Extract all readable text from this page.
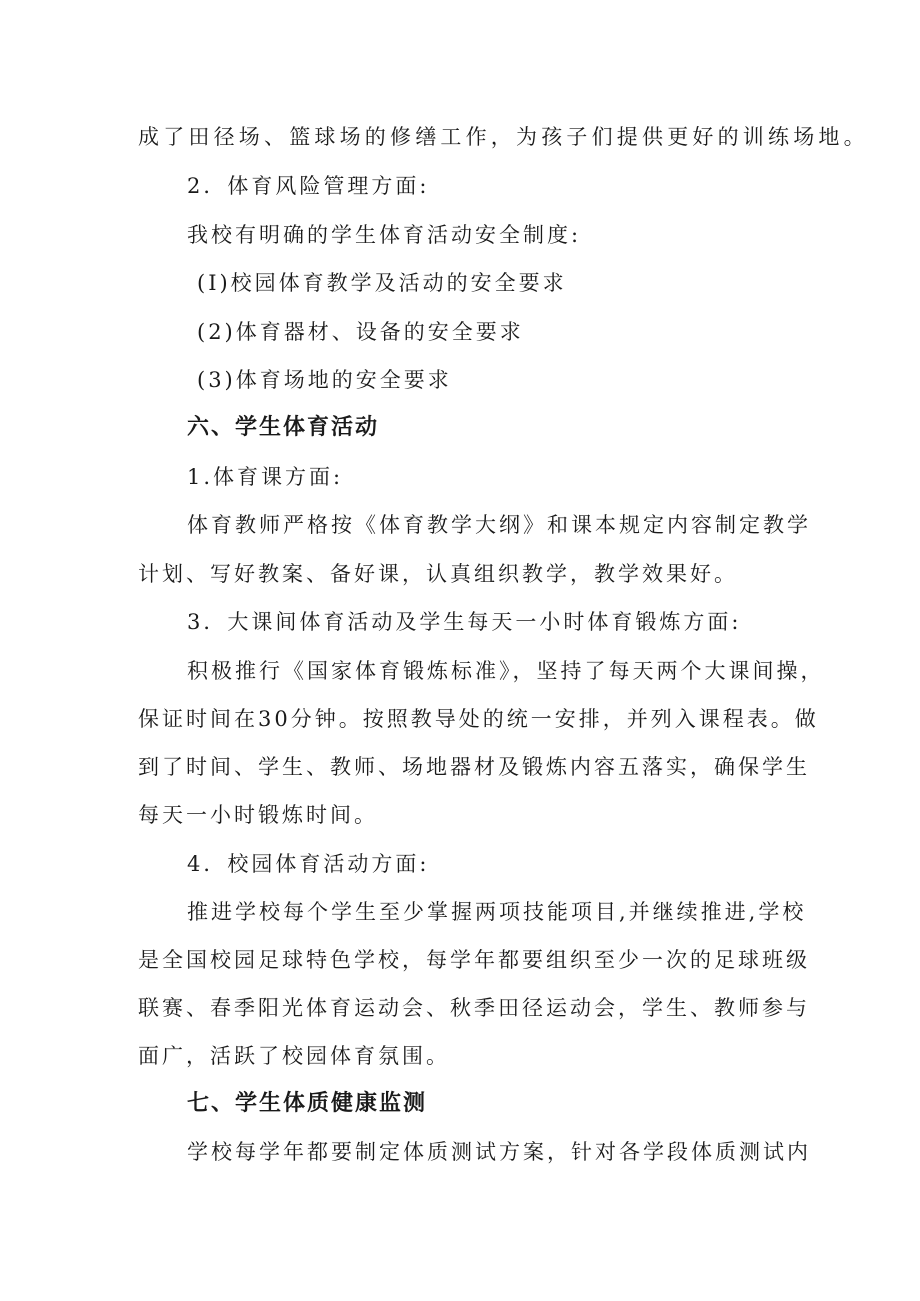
成了田径场、篮球场的修缮工作，为孩子们提供更好的训练场地。
2．体育风险管理方面:
我校有明确的学生体育活动安全制度:
(I)校园体育教学及活动的安全要求
(2)体育器材、设备的安全要求
(3)体育场地的安全要求
六、学生体育活动
1.体育课方面:
体育教师严格按《体育教学大纲》和课本规定内容制定教学
计划、写好教案、备好课，认真组织教学，教学效果好。
3．大课间体育活动及学生每天一小时体育锻炼方面:
积极推行《国家体育锻炼标准》，坚持了每天两个大课间操，
保证时间在30分钟。按照教导处的统一安排，并列入课程表。做
到了时间、学生、教师、场地器材及锻炼内容五落实，确保学生
每天一小时锻炼时间。
4．校园体育活动方面:
推进学校每个学生至少掌握两项技能项目,并继续推进,学校
是全国校园足球特色学校，每学年都要组织至少一次的足球班级
联赛、春季阳光体育运动会、秋季田径运动会，学生、教师参与
面广，活跃了校园体育氛围。
七、学生体质健康监测
学校每学年都要制定体质测试方案，针对各学段体质测试内
